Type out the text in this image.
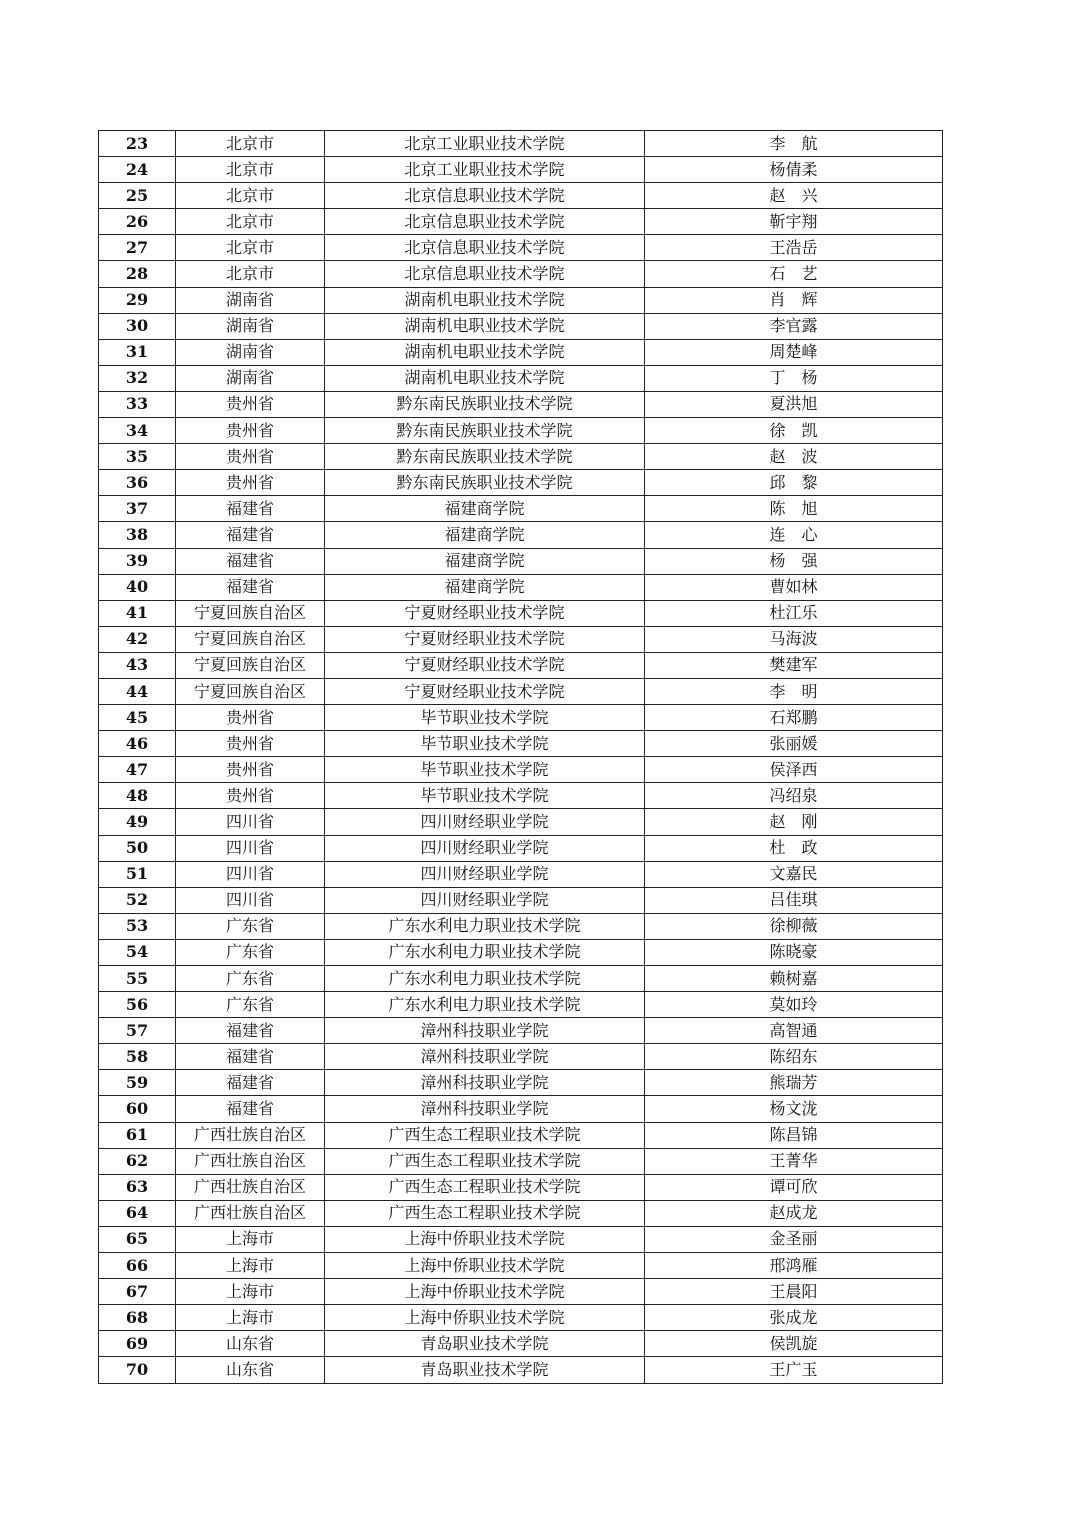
23	北京市	北京工业职业技术学院	李　航
24	北京市	北京工业职业技术学院	杨倩柔
25	北京市	北京信息职业技术学院	赵　兴
26	北京市	北京信息职业技术学院	靳宇翔
27	北京市	北京信息职业技术学院	王浩岳
28	北京市	北京信息职业技术学院	石　艺
29	湖南省	湖南机电职业技术学院	肖　辉
30	湖南省	湖南机电职业技术学院	李官露
31	湖南省	湖南机电职业技术学院	周楚峰
32	湖南省	湖南机电职业技术学院	丁　杨
33	贵州省	黔东南民族职业技术学院	夏洪旭
34	贵州省	黔东南民族职业技术学院	徐　凯
35	贵州省	黔东南民族职业技术学院	赵　波
36	贵州省	黔东南民族职业技术学院	邱　黎
37	福建省	福建商学院	陈　旭
38	福建省	福建商学院	连　心
39	福建省	福建商学院	杨　强
40	福建省	福建商学院	曹如林
41	宁夏回族自治区	宁夏财经职业技术学院	杜江乐
42	宁夏回族自治区	宁夏财经职业技术学院	马海波
43	宁夏回族自治区	宁夏财经职业技术学院	樊建军
44	宁夏回族自治区	宁夏财经职业技术学院	李　明
45	贵州省	毕节职业技术学院	石郑鹏
46	贵州省	毕节职业技术学院	张丽媛
47	贵州省	毕节职业技术学院	侯泽西
48	贵州省	毕节职业技术学院	冯绍泉
49	四川省	四川财经职业学院	赵　刚
50	四川省	四川财经职业学院	杜　政
51	四川省	四川财经职业学院	文嘉民
52	四川省	四川财经职业学院	吕佳琪
53	广东省	广东水利电力职业技术学院	徐柳薇
54	广东省	广东水利电力职业技术学院	陈晓豪
55	广东省	广东水利电力职业技术学院	赖树嘉
56	广东省	广东水利电力职业技术学院	莫如玲
57	福建省	漳州科技职业学院	高智通
58	福建省	漳州科技职业学院	陈绍东
59	福建省	漳州科技职业学院	熊瑞芳
60	福建省	漳州科技职业学院	杨文泷
61	广西壮族自治区	广西生态工程职业技术学院	陈昌锦
62	广西壮族自治区	广西生态工程职业技术学院	王菁华
63	广西壮族自治区	广西生态工程职业技术学院	谭可欣
64	广西壮族自治区	广西生态工程职业技术学院	赵成龙
65	上海市	上海中侨职业技术学院	金圣丽
66	上海市	上海中侨职业技术学院	邢鸿雁
67	上海市	上海中侨职业技术学院	王晨阳
68	上海市	上海中侨职业技术学院	张成龙
69	山东省	青岛职业技术学院	侯凯旋
70	山东省	青岛职业技术学院	王广玉
